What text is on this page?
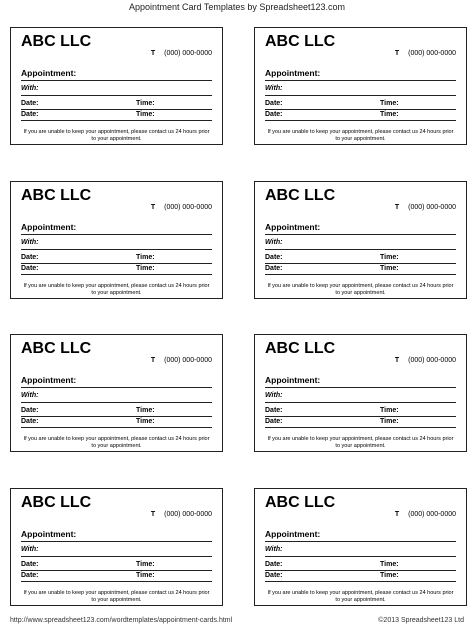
Appointment Card Templates by Spreadsheet123.com
ABC LLC
T (000) 000-0000
Appointment:
With:
Date:	Time:
Date:	Time:
If you are unable to keep your appointment, please contact us 24 hours prior to your appointment.
ABC LLC
T (000) 000-0000
Appointment:
With:
Date:	Time:
Date:	Time:
If you are unable to keep your appointment, please contact us 24 hours prior to your appointment.
ABC LLC
T (000) 000-0000
Appointment:
With:
Date:	Time:
Date:	Time:
If you are unable to keep your appointment, please contact us 24 hours prior to your appointment.
ABC LLC
T (000) 000-0000
Appointment:
With:
Date:	Time:
Date:	Time:
If you are unable to keep your appointment, please contact us 24 hours prior to your appointment.
ABC LLC
T (000) 000-0000
Appointment:
With:
Date:	Time:
Date:	Time:
If you are unable to keep your appointment, please contact us 24 hours prior to your appointment.
ABC LLC
T (000) 000-0000
Appointment:
With:
Date:	Time:
Date:	Time:
If you are unable to keep your appointment, please contact us 24 hours prior to your appointment.
ABC LLC
T (000) 000-0000
Appointment:
With:
Date:	Time:
Date:	Time:
If you are unable to keep your appointment, please contact us 24 hours prior to your appointment.
ABC LLC
T (000) 000-0000
Appointment:
With:
Date:	Time:
Date:	Time:
If you are unable to keep your appointment, please contact us 24 hours prior to your appointment.
http://www.spreadsheet123.com/wordtemplates/appointment-cards.html	©2013 Spreadsheet123 Ltd
